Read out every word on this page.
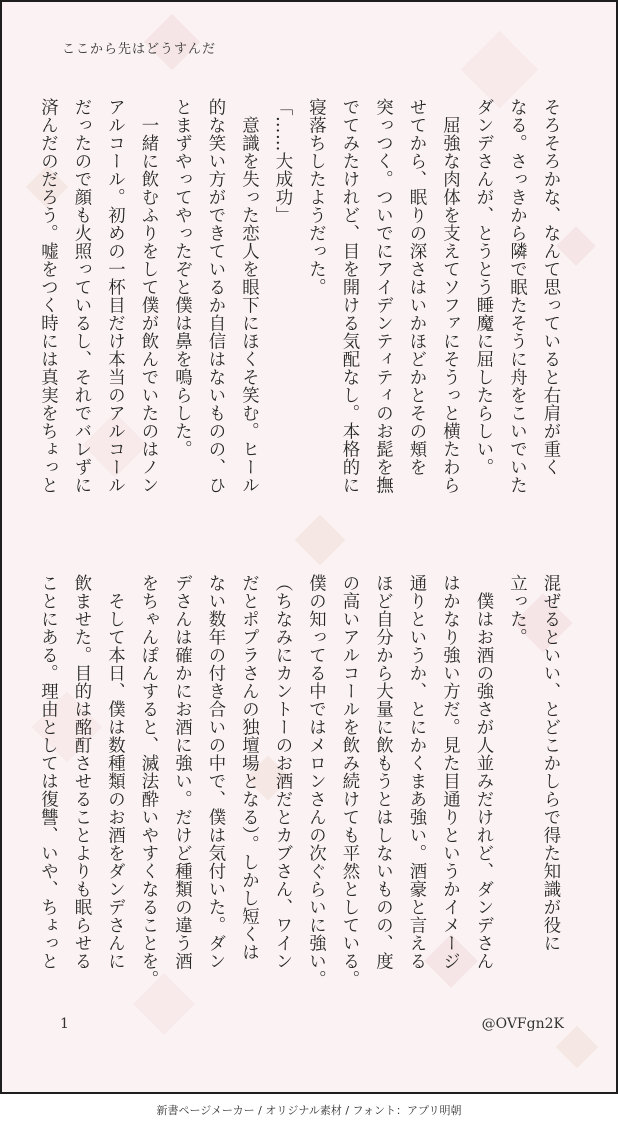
ここから先はどうすんだ
そろそろかな、なんて思っていると右肩が重く
なる。さっきから隣で眠たそうに舟をこいでいた
ダンデさんが、とうとう睡魔に屈したらしい。
　屈強な肉体を支えてソファにそうっと横たわら
せてから、眠りの深さはいかほどかとその頬を
突っつく。ついでにアイデンティティのお髭を撫
でてみたけれど、目を開ける気配なし。本格的に
寝落ちしたようだった。
「……大成功」
　意識を失った恋人を眼下にほくそ笑む。ヒール
的な笑い方ができているか自信はないものの、ひ
とまずやってやったぞと僕は鼻を鳴らした。
　一緒に飲むふりをして僕が飲んでいたのはノン
アルコール。初めの一杯目だけ本当のアルコール
だったので顔も火照っているし、それでバレずに
済んだのだろう。嘘をつく時には真実をちょっと
混ぜるといい、とどこかしらで得た知識が役に
立った。
　僕はお酒の強さが人並みだけれど、ダンデさん
はかなり強い方だ。見た目通りというかイメージ
通りというか、とにかくまあ強い。酒豪と言える
ほど自分から大量に飲もうとはしないものの、度
の高いアルコールを飲み続けても平然としている。
僕の知ってる中ではメロンさんの次ぐらいに強い。
（ちなみにカントーのお酒だとカブさん、ワイン
だとポプラさんの独壇場となる）。しかし短くは
ない数年の付き合いの中で、僕は気付いた。ダン
デさんは確かにお酒に強い。だけど種類の違う酒
をちゃんぽんすると、滅法酔いやすくなることを。
　そして本日、僕は数種類のお酒をダンデさんに
飲ませた。目的は酩酊させることよりも眠らせる
ことにある。理由としては復讐、いや、ちょっと
1	@OVFgn2K
新書ページメーカー / オリジナル素材 / フォント：アプリ明朝
